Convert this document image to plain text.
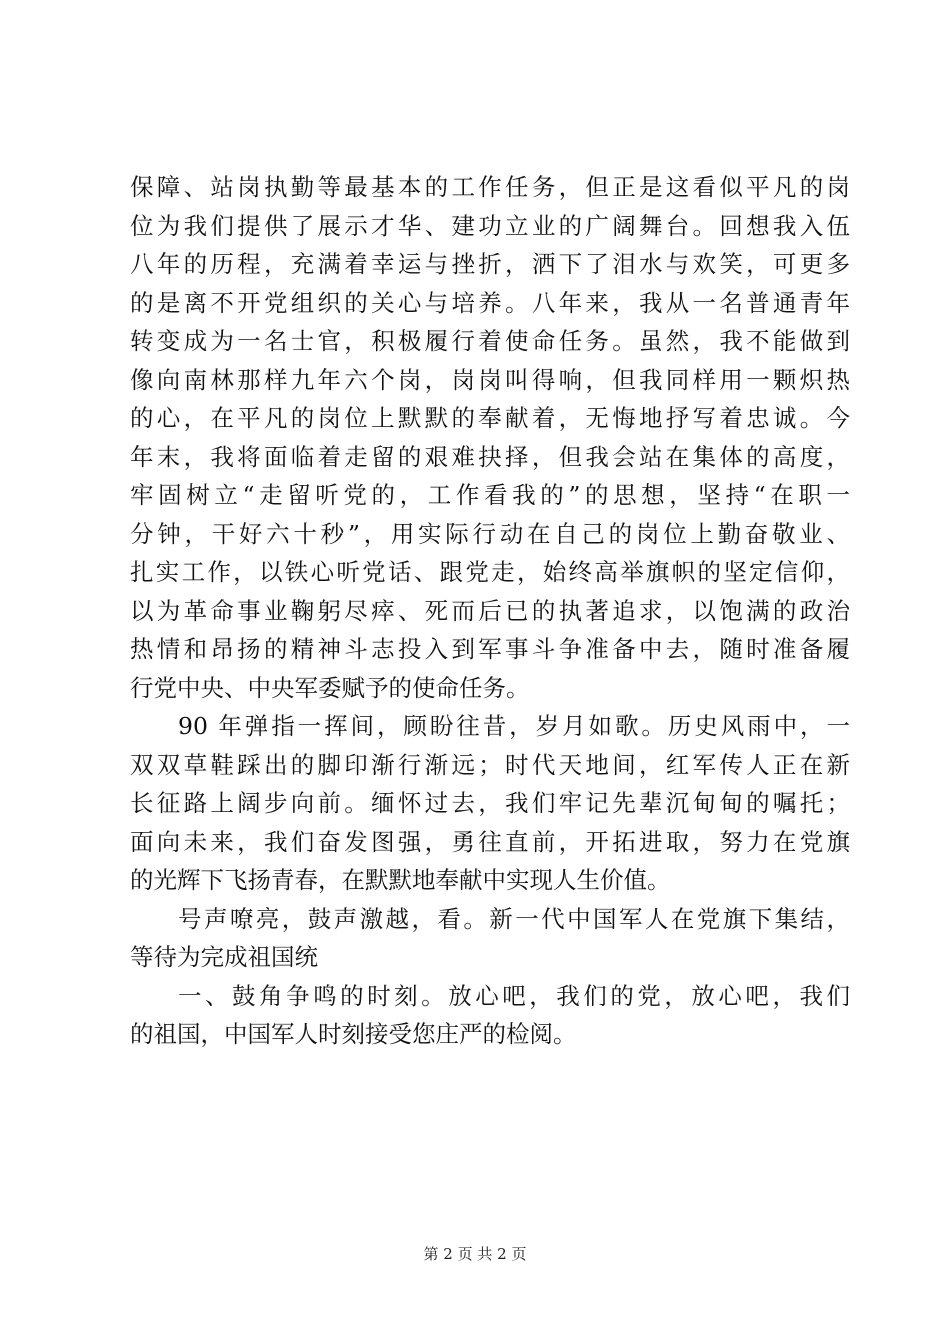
保障、站岗执勤等最基本的工作任务，但正是这看似平凡的岗
位为我们提供了展示才华、建功立业的广阔舞台。回想我入伍
八年的历程，充满着幸运与挫折，洒下了泪水与欢笑，可更多
的是离不开党组织的关心与培养。八年来，我从一名普通青年
转变成为一名士官，积极履行着使命任务。虽然，我不能做到
像向南林那样九年六个岗，岗岗叫得响，但我同样用一颗炽热
的心，在平凡的岗位上默默的奉献着，无悔地抒写着忠诚。今
年末，我将面临着走留的艰难抉择，但我会站在集体的高度，
牢固树立“走留听党的，工作看我的”的思想，坚持“在职一
分钟，干好六十秒”，用实际行动在自己的岗位上勤奋敬业、
扎实工作，以铁心听党话、跟党走，始终高举旗帜的坚定信仰，
以为革命事业鞠躬尽瘁、死而后已的执著追求，以饱满的政治
热情和昂扬的精神斗志投入到军事斗争准备中去，随时准备履
行党中央、中央军委赋予的使命任务。
90 年弹指一挥间，顾盼往昔，岁月如歌。历史风雨中，一
双双草鞋踩出的脚印渐行渐远；时代天地间，红军传人正在新
长征路上阔步向前。缅怀过去，我们牢记先辈沉甸甸的嘱托；
面向未来，我们奋发图强，勇往直前，开拓进取，努力在党旗
的光辉下飞扬青春，在默默地奉献中实现人生价值。
号声嘹亮，鼓声激越，看。新一代中国军人在党旗下集结，
等待为完成祖国统
一、鼓角争鸣的时刻。放心吧，我们的党，放心吧，我们
的祖国，中国军人时刻接受您庄严的检阅。
第 2 页 共 2 页
